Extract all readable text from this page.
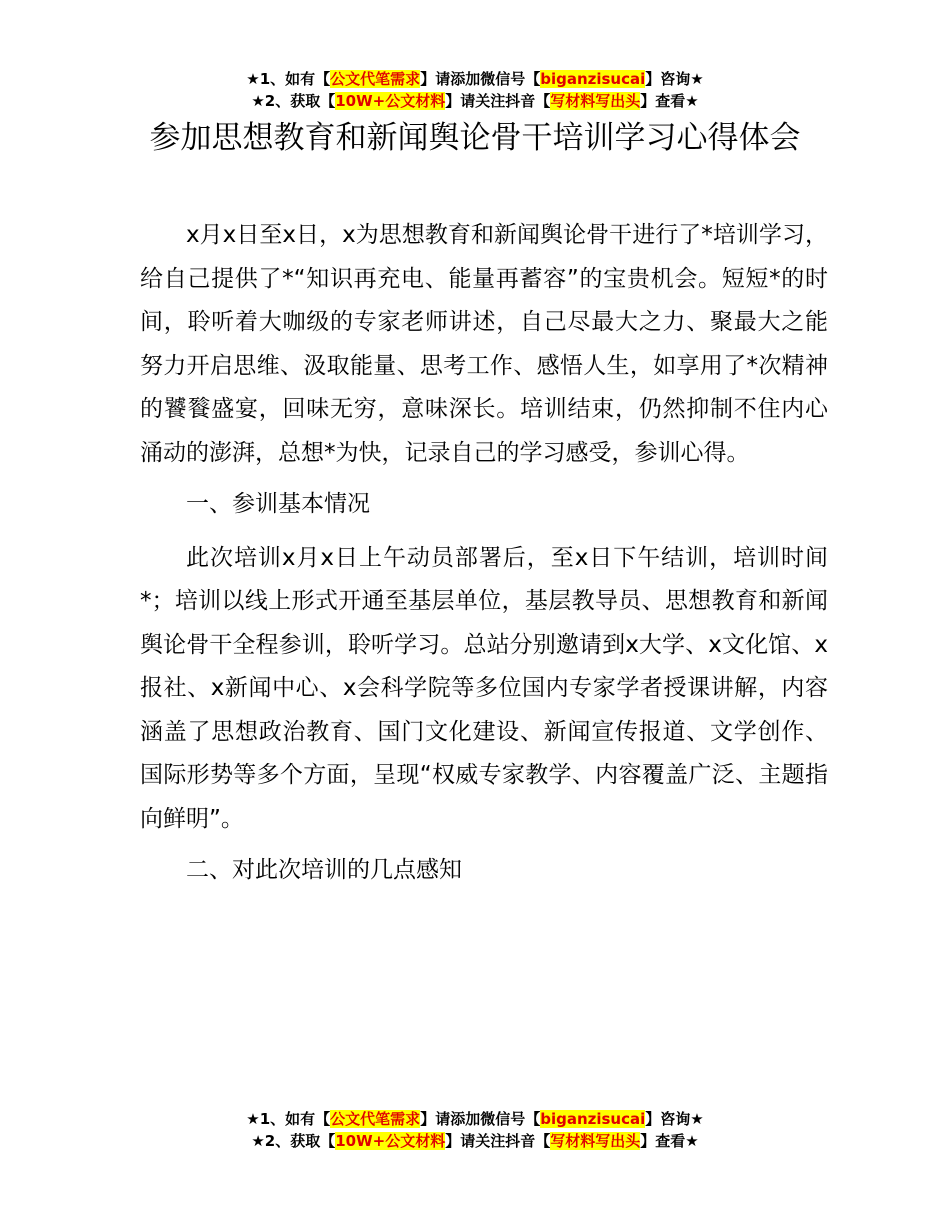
★1、如有【公文代笔需求】请添加微信号【biganzisucai】咨询★
★2、获取【10W+公文材料】请关注抖音【写材料写出头】查看★
参加思想教育和新闻舆论骨干培训学习心得体会

x月x日至x日，x为思想教育和新闻舆论骨干进行了*培训学习，给自己提供了*“知识再充电、能量再蓄容”的宝贵机会。短短*的时间，聆听着大咖级的专家老师讲述，自己尽最大之力、聚最大之能努力开启思维、汲取能量、思考工作、感悟人生，如享用了*次精神的饕餮盛宴，回味无穷，意味深长。培训结束，仍然抑制不住内心涌动的澎湃，总想*为快，记录自己的学习感受，参训心得。

一、参训基本情况

此次培训x月x日上午动员部署后，至x日下午结训，培训时间*；培训以线上形式开通至基层单位，基层教导员、思想教育和新闻舆论骨干全程参训，聆听学习。总站分别邀请到x大学、x文化馆、x报社、x新闻中心、x会科学院等多位国内专家学者授课讲解，内容涵盖了思想政治教育、国门文化建设、新闻宣传报道、文学创作、国际形势等多个方面，呈现“权威专家教学、内容覆盖广泛、主题指向鲜明”。

二、对此次培训的几点感知

★1、如有【公文代笔需求】请添加微信号【biganzisucai】咨询★
★2、获取【10W+公文材料】请关注抖音【写材料写出头】查看★
